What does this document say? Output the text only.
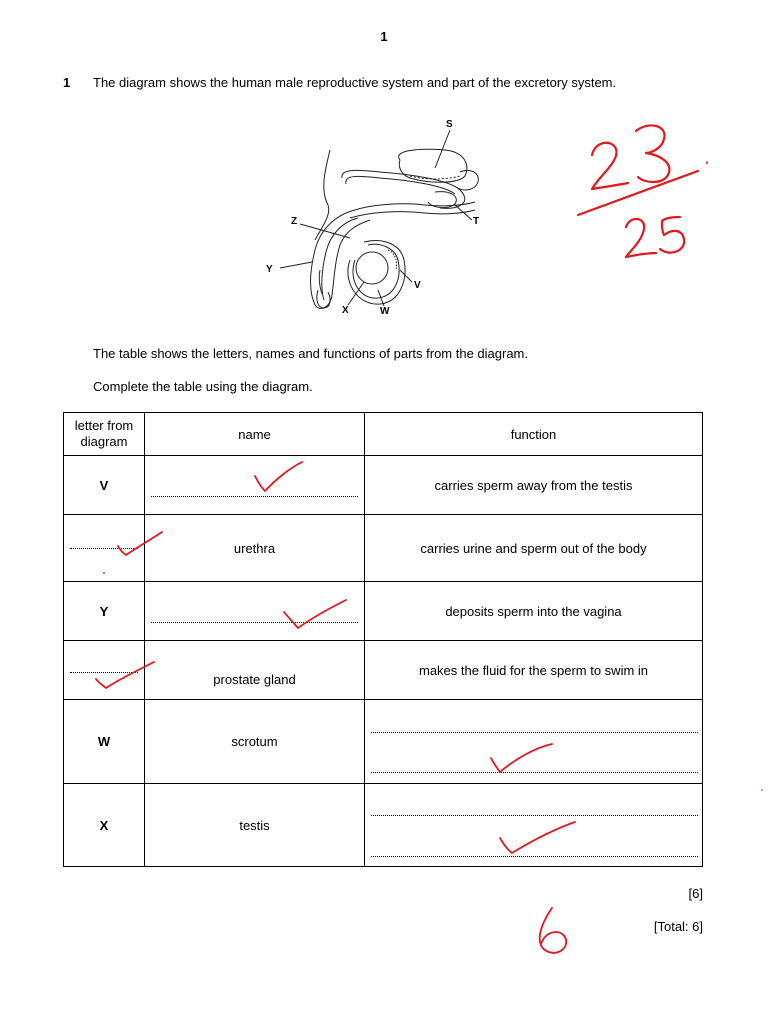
1
1 The diagram shows the human male reproductive system and part of the excretory system.
S
T
Z
Y
V
X	W
The table shows the letters, names and functions of parts from the diagram.
Complete the table using the diagram.
letter from
diagram	name	function
V		carries sperm away from the testis

	urethra	carries urine and sperm out of the body
Y		deposits sperm into the vagina

	prostate gland	makes the fluid for the sperm to swim in
W	scrotum	

X	testis	
[6]
[Total: 6]
